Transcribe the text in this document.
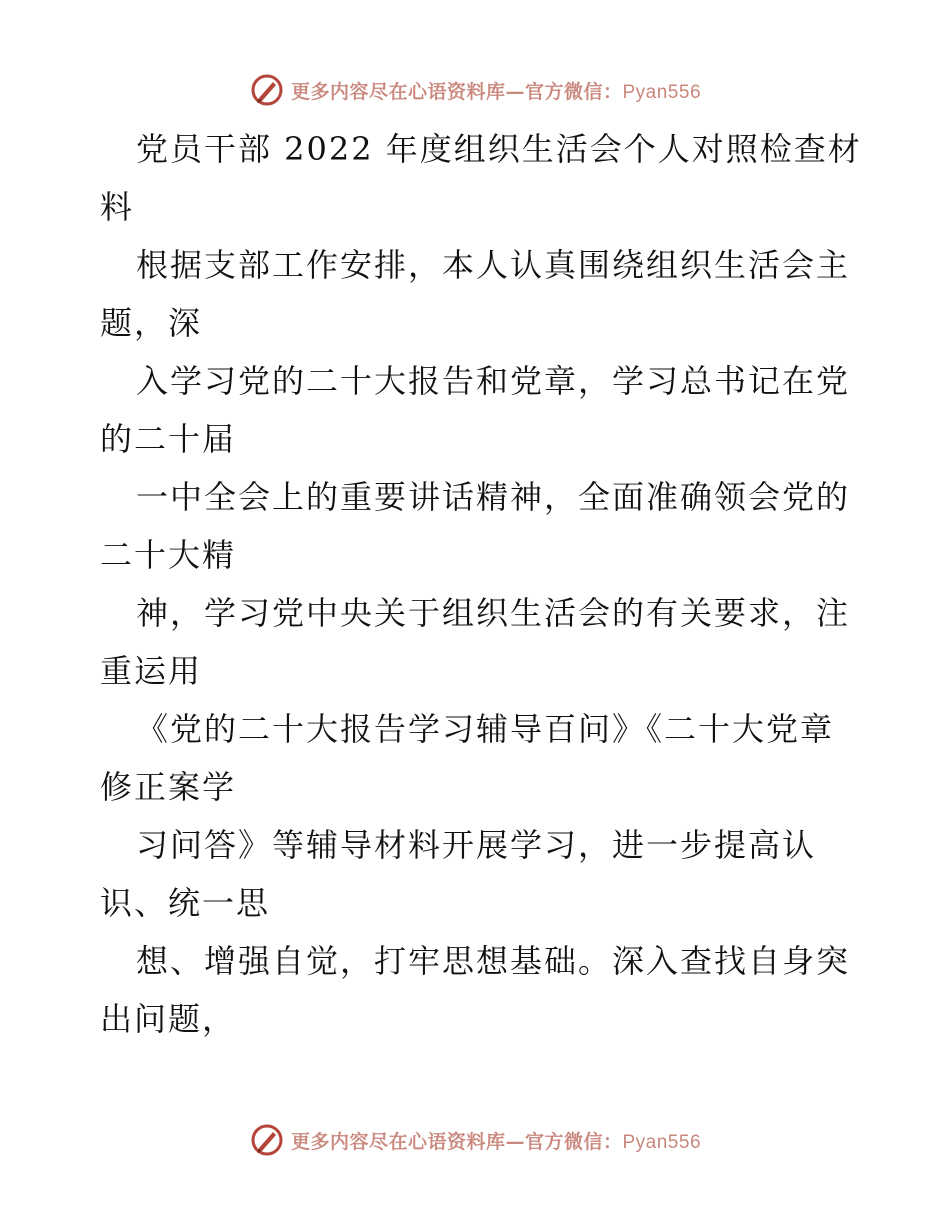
更多内容尽在心语资料库—官方微信：Pyan556
党员干部 2022 年度组织生活会个人对照检查材
料
根据支部工作安排，本人认真围绕组织生活会主
题，深
入学习党的二十大报告和党章，学习总书记在党
的二十届
一中全会上的重要讲话精神，全面准确领会党的
二十大精
神，学习党中央关于组织生活会的有关要求，注
重运用
《党的二十大报告学习辅导百问》《二十大党章
修正案学
习问答》等辅导材料开展学习，进一步提高认
识、统一思
想、增强自觉，打牢思想基础。深入查找自身突
出问题，
更多内容尽在心语资料库—官方微信：Pyan556
